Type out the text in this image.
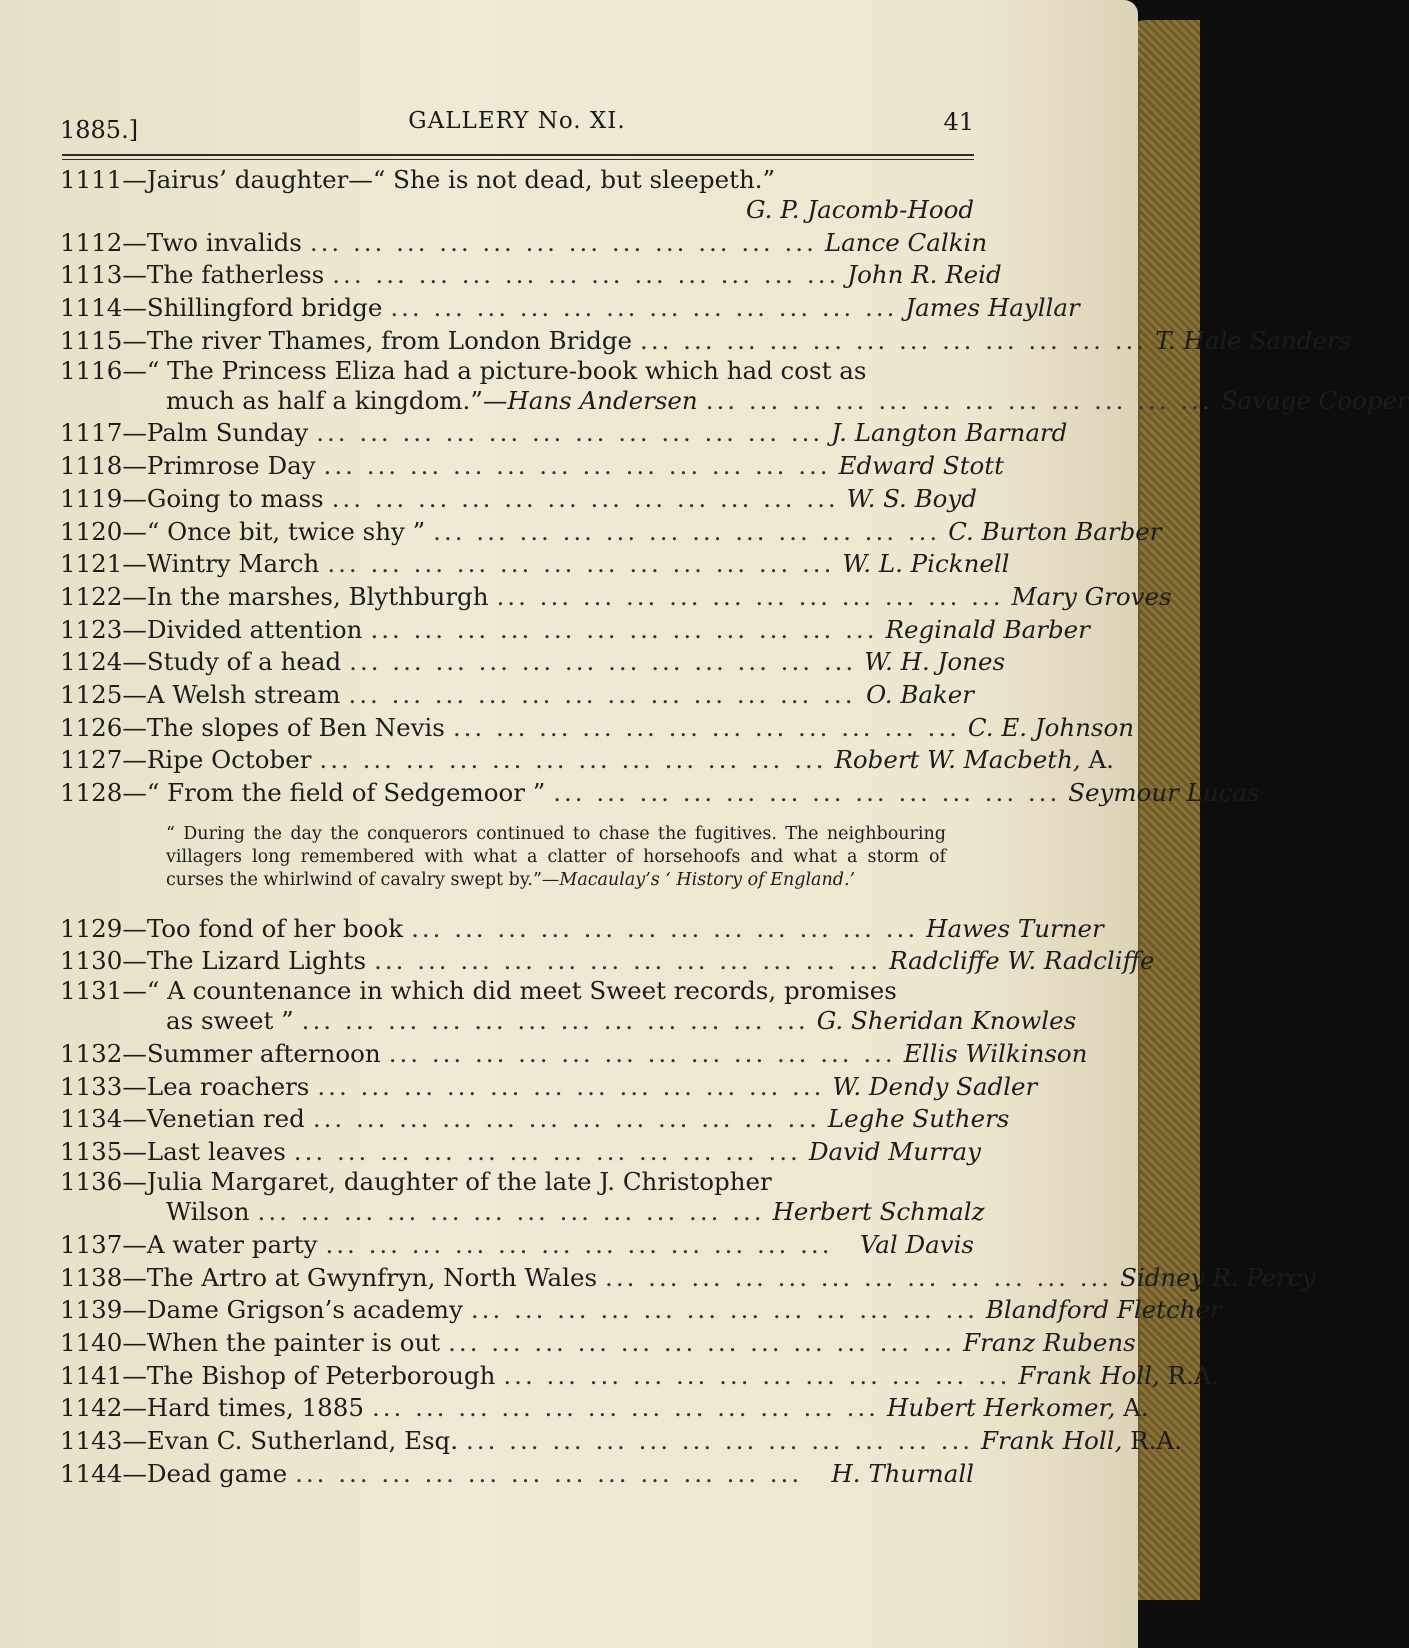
1885.]	GALLERY No. XI.	41
1111— Jairus’ daughter—“ She is not dead, but sleepeth.”
G. P. Jacomb-Hood
1112— Two invalids ... ... ... ... ... ... ... ... ... ... ... ... Lance Calkin
1113— The fatherless ... ... ... ... ... ... ... ... ... ... ... ... John R. Reid
1114— Shillingford bridge ... ... ... ... ... ... ... ... ... ... ... ... James Hayllar
1115— The river Thames, from London Bridge ... ... ... ... ... ... ... ... ... ... ... ... T. Hale Sanders
1116— “ The Princess Eliza had a picture-book which had cost as
much as half a kingdom.”— Hans Andersen ... ... ... ... ... ... ... ... ... ... ... ... Savage Cooper
1117— Palm Sunday ... ... ... ... ... ... ... ... ... ... ... ... J. Langton Barnard
1118— Primrose Day ... ... ... ... ... ... ... ... ... ... ... ... Edward Stott
1119— Going to mass ... ... ... ... ... ... ... ... ... ... ... ... W. S. Boyd
1120— “ Once bit, twice shy ” ... ... ... ... ... ... ... ... ... ... ... ... C. Burton Barber
1121— Wintry March ... ... ... ... ... ... ... ... ... ... ... ... W. L. Picknell
1122— In the marshes, Blythburgh ... ... ... ... ... ... ... ... ... ... ... ... Mary Groves
1123— Divided attention ... ... ... ... ... ... ... ... ... ... ... ... Reginald Barber
1124— Study of a head ... ... ... ... ... ... ... ... ... ... ... ... W. H. Jones
1125— A Welsh stream ... ... ... ... ... ... ... ... ... ... ... ... O. Baker
1126— The slopes of Ben Nevis ... ... ... ... ... ... ... ... ... ... ... ... C. E. Johnson
1127— Ripe October ... ... ... ... ... ... ... ... ... ... ... ... Robert W. Macbeth, A.
1128— “ From the field of Sedgemoor ” ... ... ... ... ... ... ... ... ... ... ... ... Seymour Lucas
“ During the day the conquerors continued to chase the fugitives. The neighbouring villagers long remembered with what a clatter of horsehoofs and what a storm of curses the whirlwind of cavalry swept by.”—Macaulay’s ‘ History of England.’
1129— Too fond of her book ... ... ... ... ... ... ... ... ... ... ... ... Hawes Turner
1130— The Lizard Lights ... ... ... ... ... ... ... ... ... ... ... ... Radcliffe W. Radcliffe
1131— “ A countenance in which did meet Sweet records, promises
as sweet ” ... ... ... ... ... ... ... ... ... ... ... ... G. Sheridan Knowles
1132— Summer afternoon ... ... ... ... ... ... ... ... ... ... ... ... Ellis Wilkinson
1133— Lea roachers ... ... ... ... ... ... ... ... ... ... ... ... W. Dendy Sadler
1134— Venetian red ... ... ... ... ... ... ... ... ... ... ... ... Leghe Suthers
1135— Last leaves ... ... ... ... ... ... ... ... ... ... ... ... David Murray
1136— Julia Margaret, daughter of the late J. Christopher
Wilson ... ... ... ... ... ... ... ... ... ... ... ... Herbert Schmalz
1137— A water party ... ... ... ... ... ... ... ... ... ... ... ...	Val Davis
1138— The Artro at Gwynfryn, North Wales ... ... ... ... ... ... ... ... ... ... ... ... Sidney R. Percy
1139— Dame Grigson’s academy ... ... ... ... ... ... ... ... ... ... ... ... Blandford Fletcher
1140— When the painter is out ... ... ... ... ... ... ... ... ... ... ... ... Franz Rubens
1141— The Bishop of Peterborough ... ... ... ... ... ... ... ... ... ... ... ... Frank Holl, R.A.
1142— Hard times, 1885 ... ... ... ... ... ... ... ... ... ... ... ... Hubert Herkomer, A.
1143— Evan C. Sutherland, Esq. ... ... ... ... ... ... ... ... ... ... ... ... Frank Holl, R.A.
1144— Dead game ... ... ... ... ... ... ... ... ... ... ... ...	H. Thurnall
